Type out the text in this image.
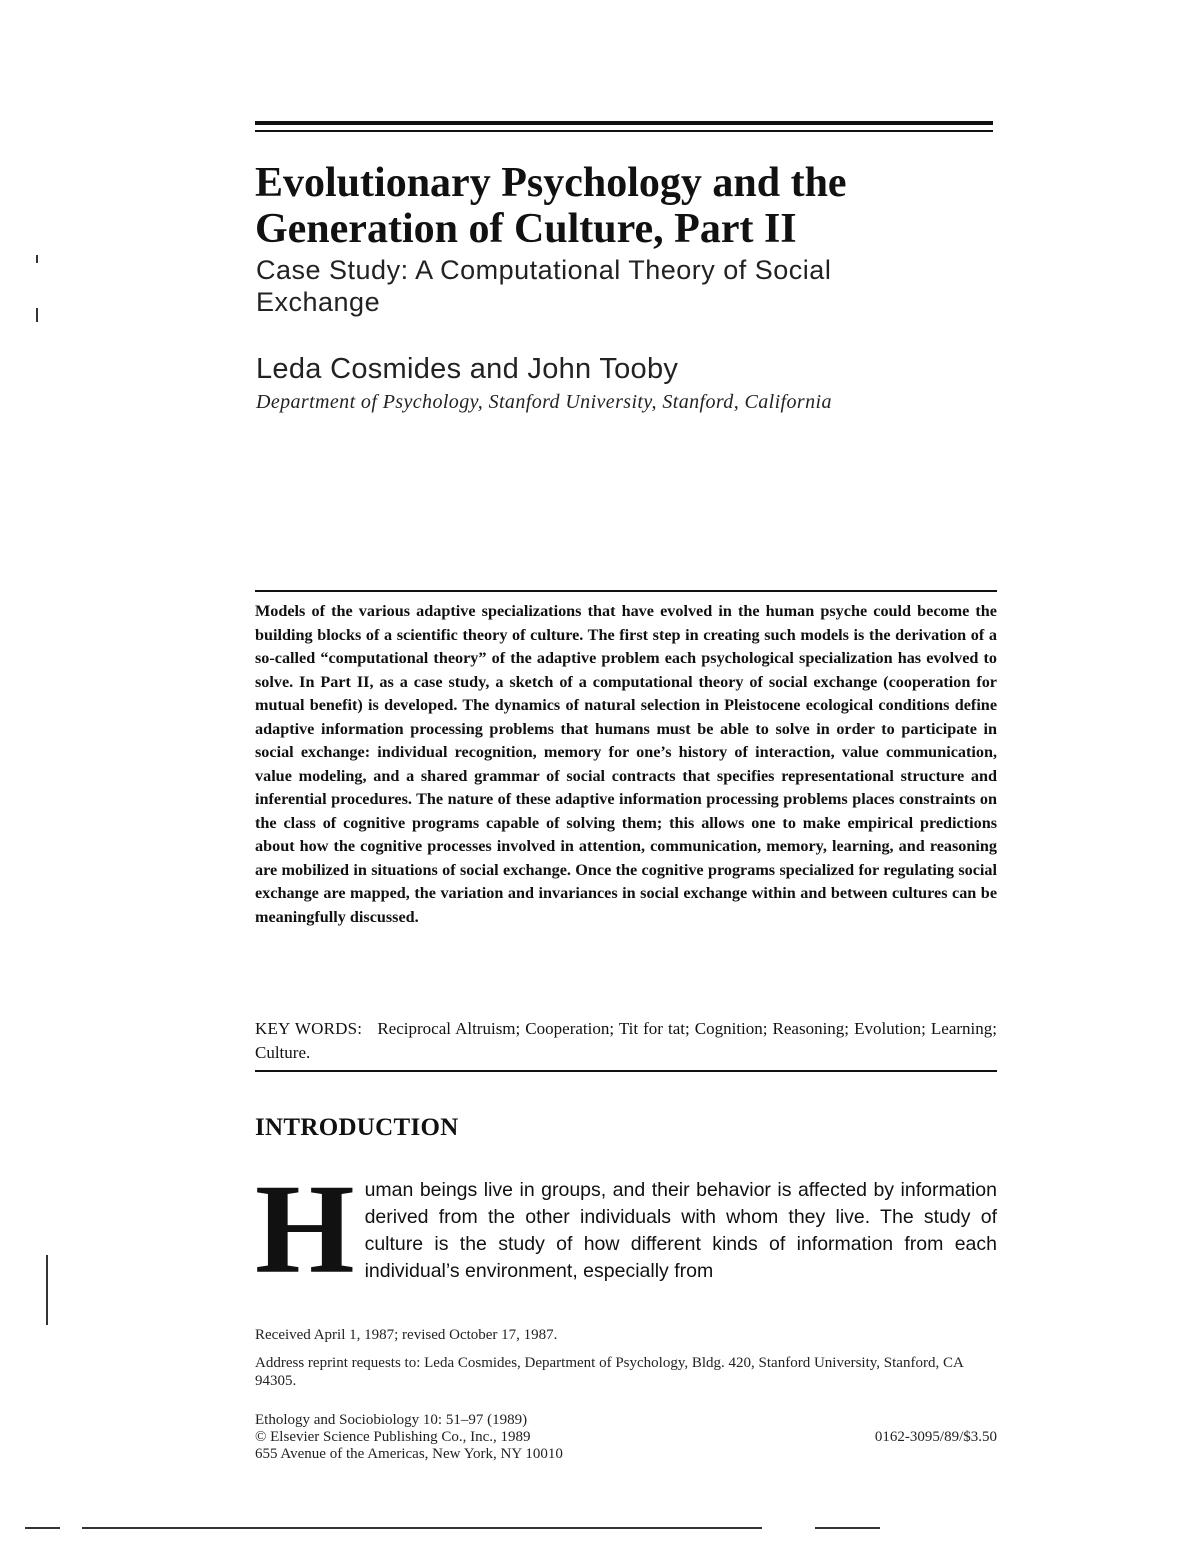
Evolutionary Psychology and the
Generation of Culture, Part II
Case Study: A Computational Theory of Social
Exchange
Leda Cosmides and John Tooby
Department of Psychology, Stanford University, Stanford, California

Models of the various adaptive specializations that have evolved in the human psyche could become the building blocks of a scientific theory of culture. The first step in creating such models is the derivation of a so-called “computational theory” of the adaptive problem each psychological specialization has evolved to solve. In Part II, as a case study, a sketch of a computational theory of social exchange (cooperation for mutual benefit) is developed. The dynamics of natural selection in Pleistocene ecological conditions define adaptive information processing problems that humans must be able to solve in order to participate in social exchange: individual recognition, memory for one’s history of interaction, value communication, value modeling, and a shared grammar of social contracts that specifies representational structure and inferential procedures. The nature of these adaptive information processing problems places constraints on the class of cognitive programs capable of solving them; this allows one to make empirical predictions about how the cognitive processes involved in attention, communication, memory, learning, and reasoning are mobilized in situations of social exchange. Once the cognitive programs specialized for regulating social exchange are mapped, the variation and invariances in social exchange within and between cultures can be meaningfully discussed.

KEY WORDS: Reciprocal Altruism; Cooperation; Tit for tat; Cognition; Reasoning; Evolution; Learning; Culture.
INTRODUCTION

Human beings live in groups, and their behavior is affected by information derived from the other individuals with whom they live. The study of culture is the study of how different kinds of information from each individual’s environment, especially from

Received April 1, 1987; revised October 17, 1987.

Address reprint requests to: Leda Cosmides, Department of Psychology, Bldg. 420, Stanford University, Stanford, CA 94305.

Ethology and Sociobiology 10: 51–97 (1989)
© Elsevier Science Publishing Co., Inc., 1989	0162-3095/89/$3.50
655 Avenue of the Americas, New York, NY 10010
